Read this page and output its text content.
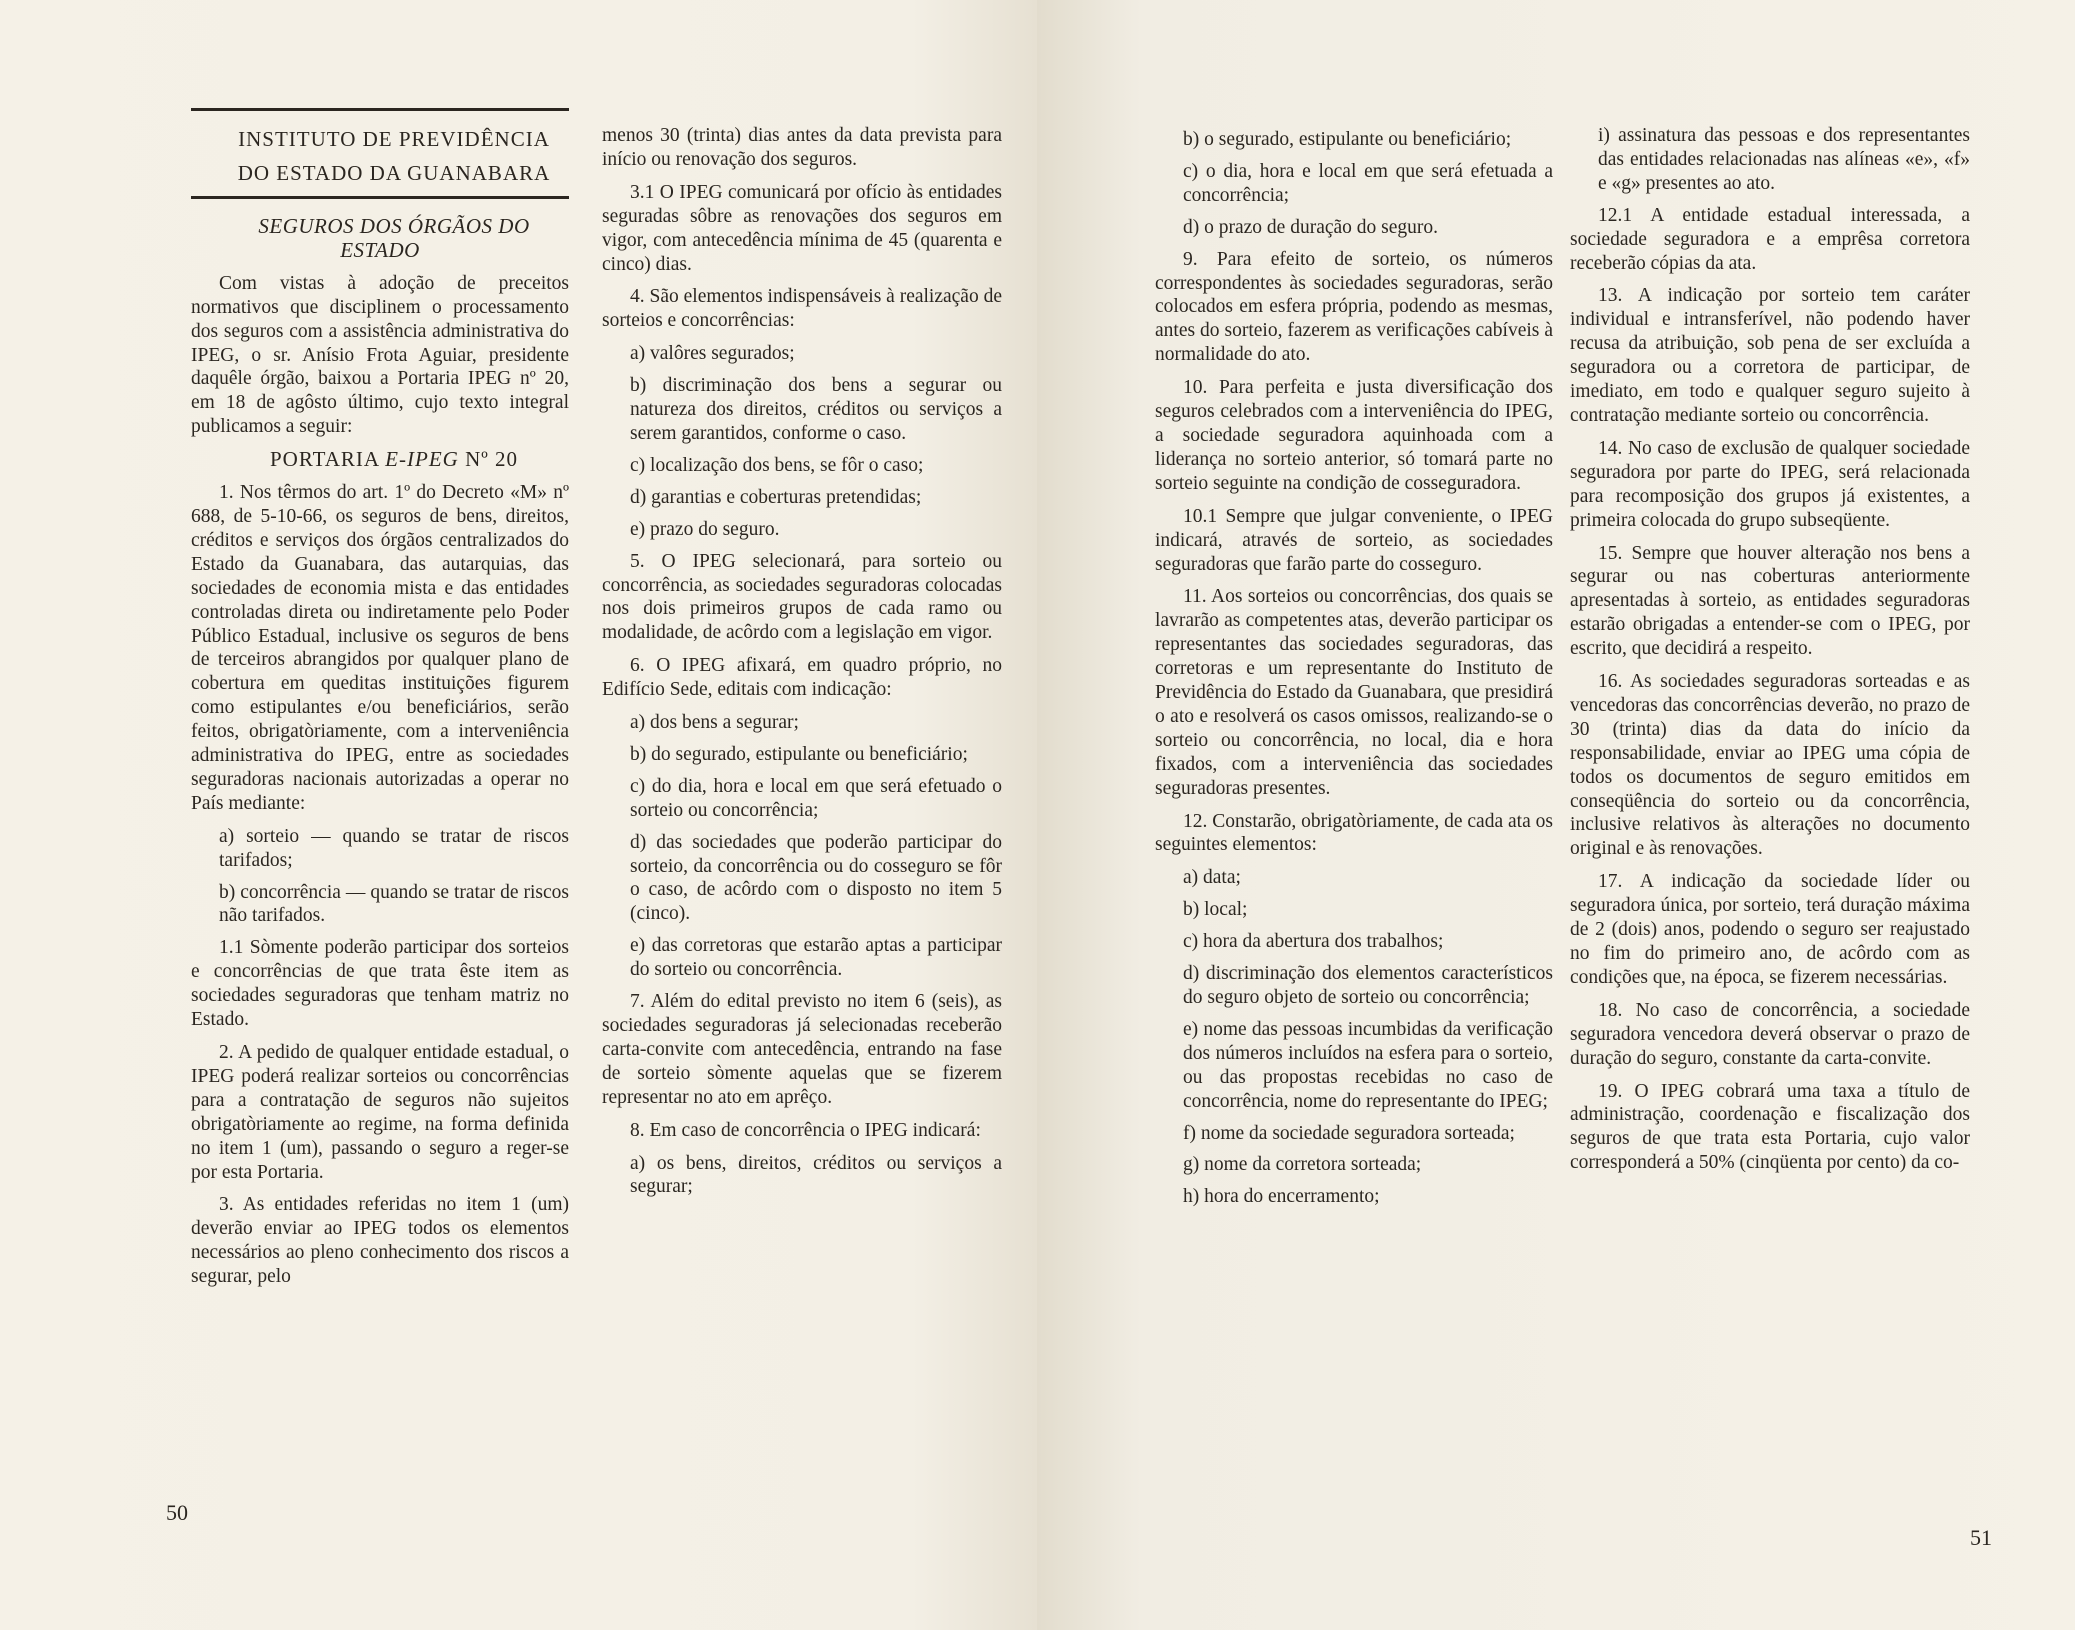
INSTITUTO DE PREVIDÊNCIA

DO ESTADO DA GUANABARA

SEGUROS DOS ÓRGÃOS DO ESTADO

Com vistas à adoção de preceitos normativos que disciplinem o processamento dos seguros com a assistência administrativa do IPEG, o sr. Anísio Frota Aguiar, presidente daquêle órgão, baixou a Portaria IPEG nº 20, em 18 de agôsto último, cujo texto integral publicamos a seguir:

PORTARIA E-IPEG Nº 20

1. Nos têrmos do art. 1º do Decreto «M» nº 688, de 5-10-66, os seguros de bens, direitos, créditos e serviços dos órgãos centralizados do Estado da Guanabara, das autarquias, das sociedades de economia mista e das entidades controladas direta ou indiretamente pelo Poder Público Estadual, inclusive os seguros de bens de terceiros abrangidos por qualquer plano de cobertura em queditas instituições figurem como estipulantes e/ou beneficiários, serão feitos, obrigatòriamente, com a interveniência administrativa do IPEG, entre as sociedades seguradoras nacionais autorizadas a operar no País mediante:

a) sorteio — quando se tratar de riscos tarifados;

b) concorrência — quando se tratar de riscos não tarifados.

1.1 Sòmente poderão participar dos sorteios e concorrências de que trata êste item as sociedades seguradoras que tenham matriz no Estado.

2. A pedido de qualquer entidade estadual, o IPEG poderá realizar sorteios ou concorrências para a contratação de seguros não sujeitos obrigatòriamente ao regime, na forma definida no item 1 (um), passando o seguro a reger-se por esta Portaria.

3. As entidades referidas no item 1 (um) deverão enviar ao IPEG todos os elementos necessários ao pleno conhecimento dos riscos a segurar, pelo

menos 30 (trinta) dias antes da data prevista para início ou renovação dos seguros.

3.1 O IPEG comunicará por ofício às entidades seguradas sôbre as renovações dos seguros em vigor, com antecedência mínima de 45 (quarenta e cinco) dias.

4. São elementos indispensáveis à realização de sorteios e concorrências:

a) valôres segurados;

b) discriminação dos bens a segurar ou natureza dos direitos, créditos ou serviços a serem garantidos, conforme o caso.

c) localização dos bens, se fôr o caso;

d) garantias e coberturas pretendidas;

e) prazo do seguro.

5. O IPEG selecionará, para sorteio ou concorrência, as sociedades seguradoras colocadas nos dois primeiros grupos de cada ramo ou modalidade, de acôrdo com a legislação em vigor.

6. O IPEG afixará, em quadro próprio, no Edifício Sede, editais com indicação:

a) dos bens a segurar;

b) do segurado, estipulante ou beneficiário;

c) do dia, hora e local em que será efetuado o sorteio ou concorrência;

d) das sociedades que poderão participar do sorteio, da concorrência ou do cosseguro se fôr o caso, de acôrdo com o disposto no item 5 (cinco).

e) das corretoras que estarão aptas a participar do sorteio ou concorrência.

7. Além do edital previsto no item 6 (seis), as sociedades seguradoras já selecionadas receberão carta-convite com antecedência, entrando na fase de sorteio sòmente aquelas que se fizerem representar no ato em aprêço.

8. Em caso de concorrência o IPEG indicará:

a) os bens, direitos, créditos ou serviços a segurar;

50

b) o segurado, estipulante ou beneficiário;

c) o dia, hora e local em que será efetuada a concorrência;

d) o prazo de duração do seguro.

9. Para efeito de sorteio, os números correspondentes às sociedades seguradoras, serão colocados em esfera própria, podendo as mesmas, antes do sorteio, fazerem as verificações cabíveis à normalidade do ato.

10. Para perfeita e justa diversificação dos seguros celebrados com a interveniência do IPEG, a sociedade seguradora aquinhoada com a liderança no sorteio anterior, só tomará parte no sorteio seguinte na condição de cosseguradora.

10.1 Sempre que julgar conveniente, o IPEG indicará, através de sorteio, as sociedades seguradoras que farão parte do cosseguro.

11. Aos sorteios ou concorrências, dos quais se lavrarão as competentes atas, deverão participar os representantes das sociedades seguradoras, das corretoras e um representante do Instituto de Previdência do Estado da Guanabara, que presidirá o ato e resolverá os casos omissos, realizando-se o sorteio ou concorrência, no local, dia e hora fixados, com a interveniência das sociedades seguradoras presentes.

12. Constarão, obrigatòriamente, de cada ata os seguintes elementos:

a) data;

b) local;

c) hora da abertura dos trabalhos;

d) discriminação dos elementos característicos do seguro objeto de sorteio ou concorrência;

e) nome das pessoas incumbidas da verificação dos números incluídos na esfera para o sorteio, ou das propostas recebidas no caso de concorrência, nome do representante do IPEG;

f) nome da sociedade seguradora sorteada;

g) nome da corretora sorteada;

h) hora do encerramento;

i) assinatura das pessoas e dos representantes das entidades relacionadas nas alíneas «e», «f» e «g» presentes ao ato.

12.1 A entidade estadual interessada, a sociedade seguradora e a emprêsa corretora receberão cópias da ata.

13. A indicação por sorteio tem caráter individual e intransferível, não podendo haver recusa da atribuição, sob pena de ser excluída a seguradora ou a corretora de participar, de imediato, em todo e qualquer seguro sujeito à contratação mediante sorteio ou concorrência.

14. No caso de exclusão de qualquer sociedade seguradora por parte do IPEG, será relacionada para recomposição dos grupos já existentes, a primeira colocada do grupo subseqüente.

15. Sempre que houver alteração nos bens a segurar ou nas coberturas anteriormente apresentadas à sorteio, as entidades seguradoras estarão obrigadas a entender-se com o IPEG, por escrito, que decidirá a respeito.

16. As sociedades seguradoras sorteadas e as vencedoras das concorrências deverão, no prazo de 30 (trinta) dias da data do início da responsabilidade, enviar ao IPEG uma cópia de todos os documentos de seguro emitidos em conseqüência do sorteio ou da concorrência, inclusive relativos às alterações no documento original e às renovações.

17. A indicação da sociedade líder ou seguradora única, por sorteio, terá duração máxima de 2 (dois) anos, podendo o seguro ser reajustado no fim do primeiro ano, de acôrdo com as condições que, na época, se fizerem necessárias.

18. No caso de concorrência, a sociedade seguradora vencedora deverá observar o prazo de duração do seguro, constante da carta-convite.

19. O IPEG cobrará uma taxa a título de administração, coordenação e fiscalização dos seguros de que trata esta Portaria, cujo valor corresponderá a 50% (cinqüenta por cento) da co-

51
